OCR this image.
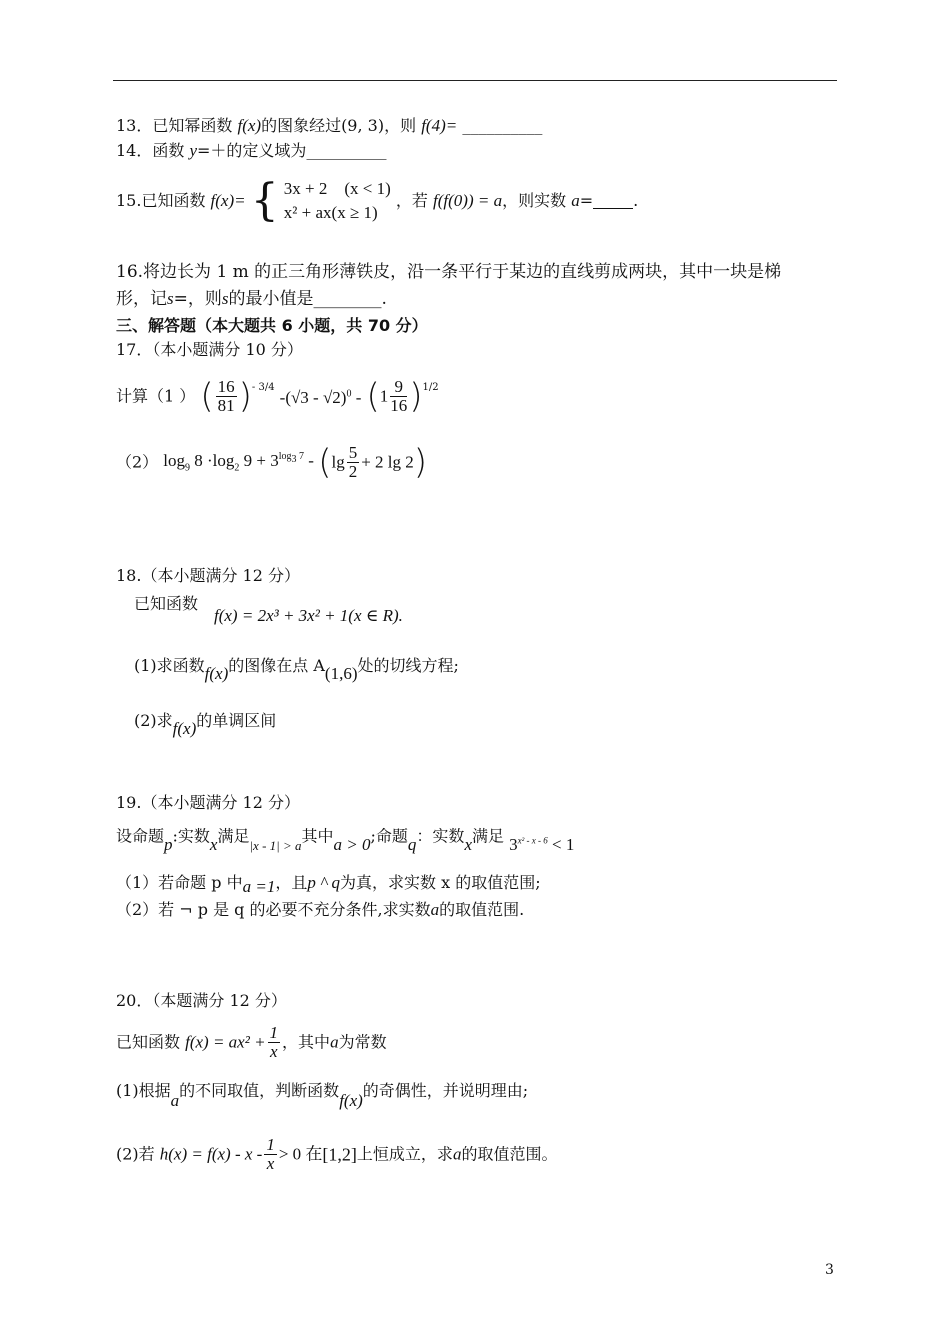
13．已知幂函数 f(x)的图象经过(9, 3)，则 f(4)= __________
14．函数 y=＋的定义域为__________
15.已知函数 f(x)= { 3x + 2 (x < 1)
x² + ax(x ≥ 1)
，若 f(f(0)) = a，则实数 a=	.
16.将边长为 1 m 的正三角形薄铁皮，沿一条平行于某边的直线剪成两块，其中一块是梯
形，记s=，则s的最小值是________.
三、解答题（本大题共 6 小题，共 70 分）
17．（本小题满分 10 分）
计算（1 ） ( $\frac{16}{81} )^{- 3/4}$ $-(√3 - √2)^0 - (1 \frac{9}{16} )^{1/2}$
（2） $\log_9 8 \cdot\log_2$ $9 + 3^{log_3 7} - (\lg \frac{5}{2} + 2$ lg 2)
18.（本小题满分 12 分）
已知函数
f(x) = 2x³ + 3x² + 1(x ∈ R).
(1)求函数f(x)的图像在点 A(1,6)处的切线方程;
(2)求f(x)的单调区间
19.（本小题满分 12 分）
设命题p:实数x满足$_{|x - 1| > a}$其中a > 0;命题q：实数x满足 $3^{x^2 - x - 6} < 1$
（1）若命题 p 中a =1，且p ^ q为真，求实数 x 的取值范围;
（2）若 ¬ p 是 q 的必要不充分条件,求实数a的取值范围.
20．（本题满分 12 分）
已知函数 $f(x) = ax^2 + \frac{1}{x}$ ，其中a为常数
(1)根据a的不同取值，判断函数f(x)的奇偶性，并说明理由;
(2)若 $h(x) = f(x) - x - \frac{1}{x} > 0$ 在[1,2]上恒成立，求a的取值范围。
3
